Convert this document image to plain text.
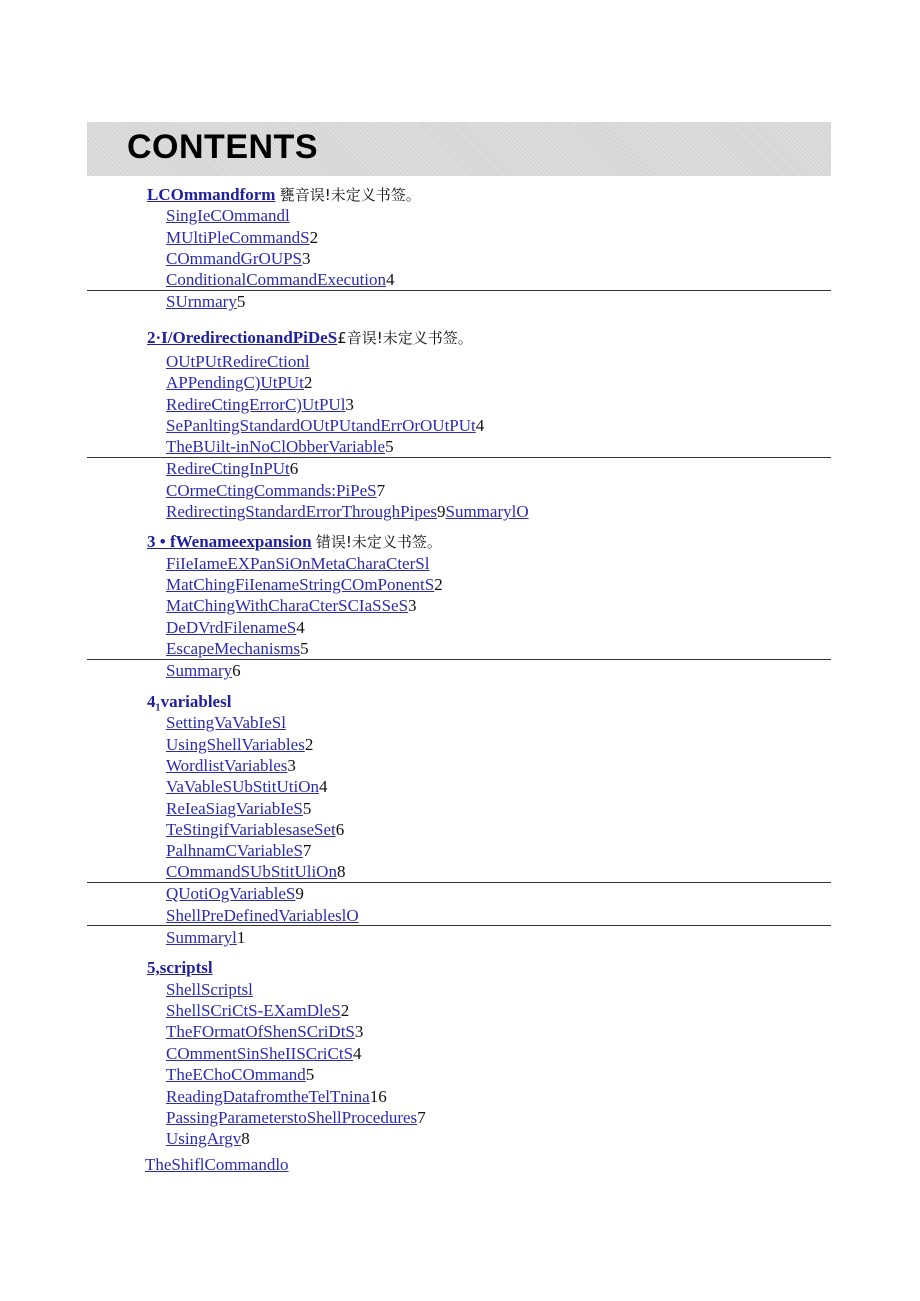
CONTENTS
LCOmmandform 甕音误!未定义书签。
SingIeCOmmandl
MUltiPleCommandS2
COmmandGrOUPS3
ConditionalCommandExecution4
SUrnmary5
2·I/OredirectionandPiDeS£音误!未定义书签。
OUtPUtRedireCtionl
APPendingC)UtPUt2
RedireCtingErrorC)UtPUl3
SePanltingStandardOUtPUtandErrOrOUtPUt4
TheBUilt-inNoClObberVariable5
RedireCtingInPUt6
COrmeCtingCommands:PiPeS7
RedirectingStandardErrorThroughPipes9SummarylO
3 • fWenameexpansion 错误!未定义书签。
FiIeIameEXPanSiOnMetaCharaCterSl
MatChingFiIenameStringCOmPonentS2
MatChingWithCharaCterSCIaSSeS3
DeDVrdFilenameS4
EscapeMechanisms5
Summary6
4₁variablesl
SettingVaVabIeSl
UsingShellVariables2
WordlistVariables3
VaVableSUbStitUtiOn4
ReIeaSiagVariabIeS5
TeStingifVariablesaseSet6
PalhnamCVariableS7
COmmandSUbStitUliOn8
QUotiOgVariableS9
ShellPreDefinedVariableslO
Summaryl1
5,scriptsl
ShellScriptsl
ShellSCriCtS-EXamDleS2
TheFOrmatOfShenSCriDtS3
COmmentSinSheIISCriCtS4
TheEChoCOmmand5
ReadingDatafromtheTelTnina16
PassingParameterstoShellProcedures7
UsingArgv8
TheShiflCommandlo
